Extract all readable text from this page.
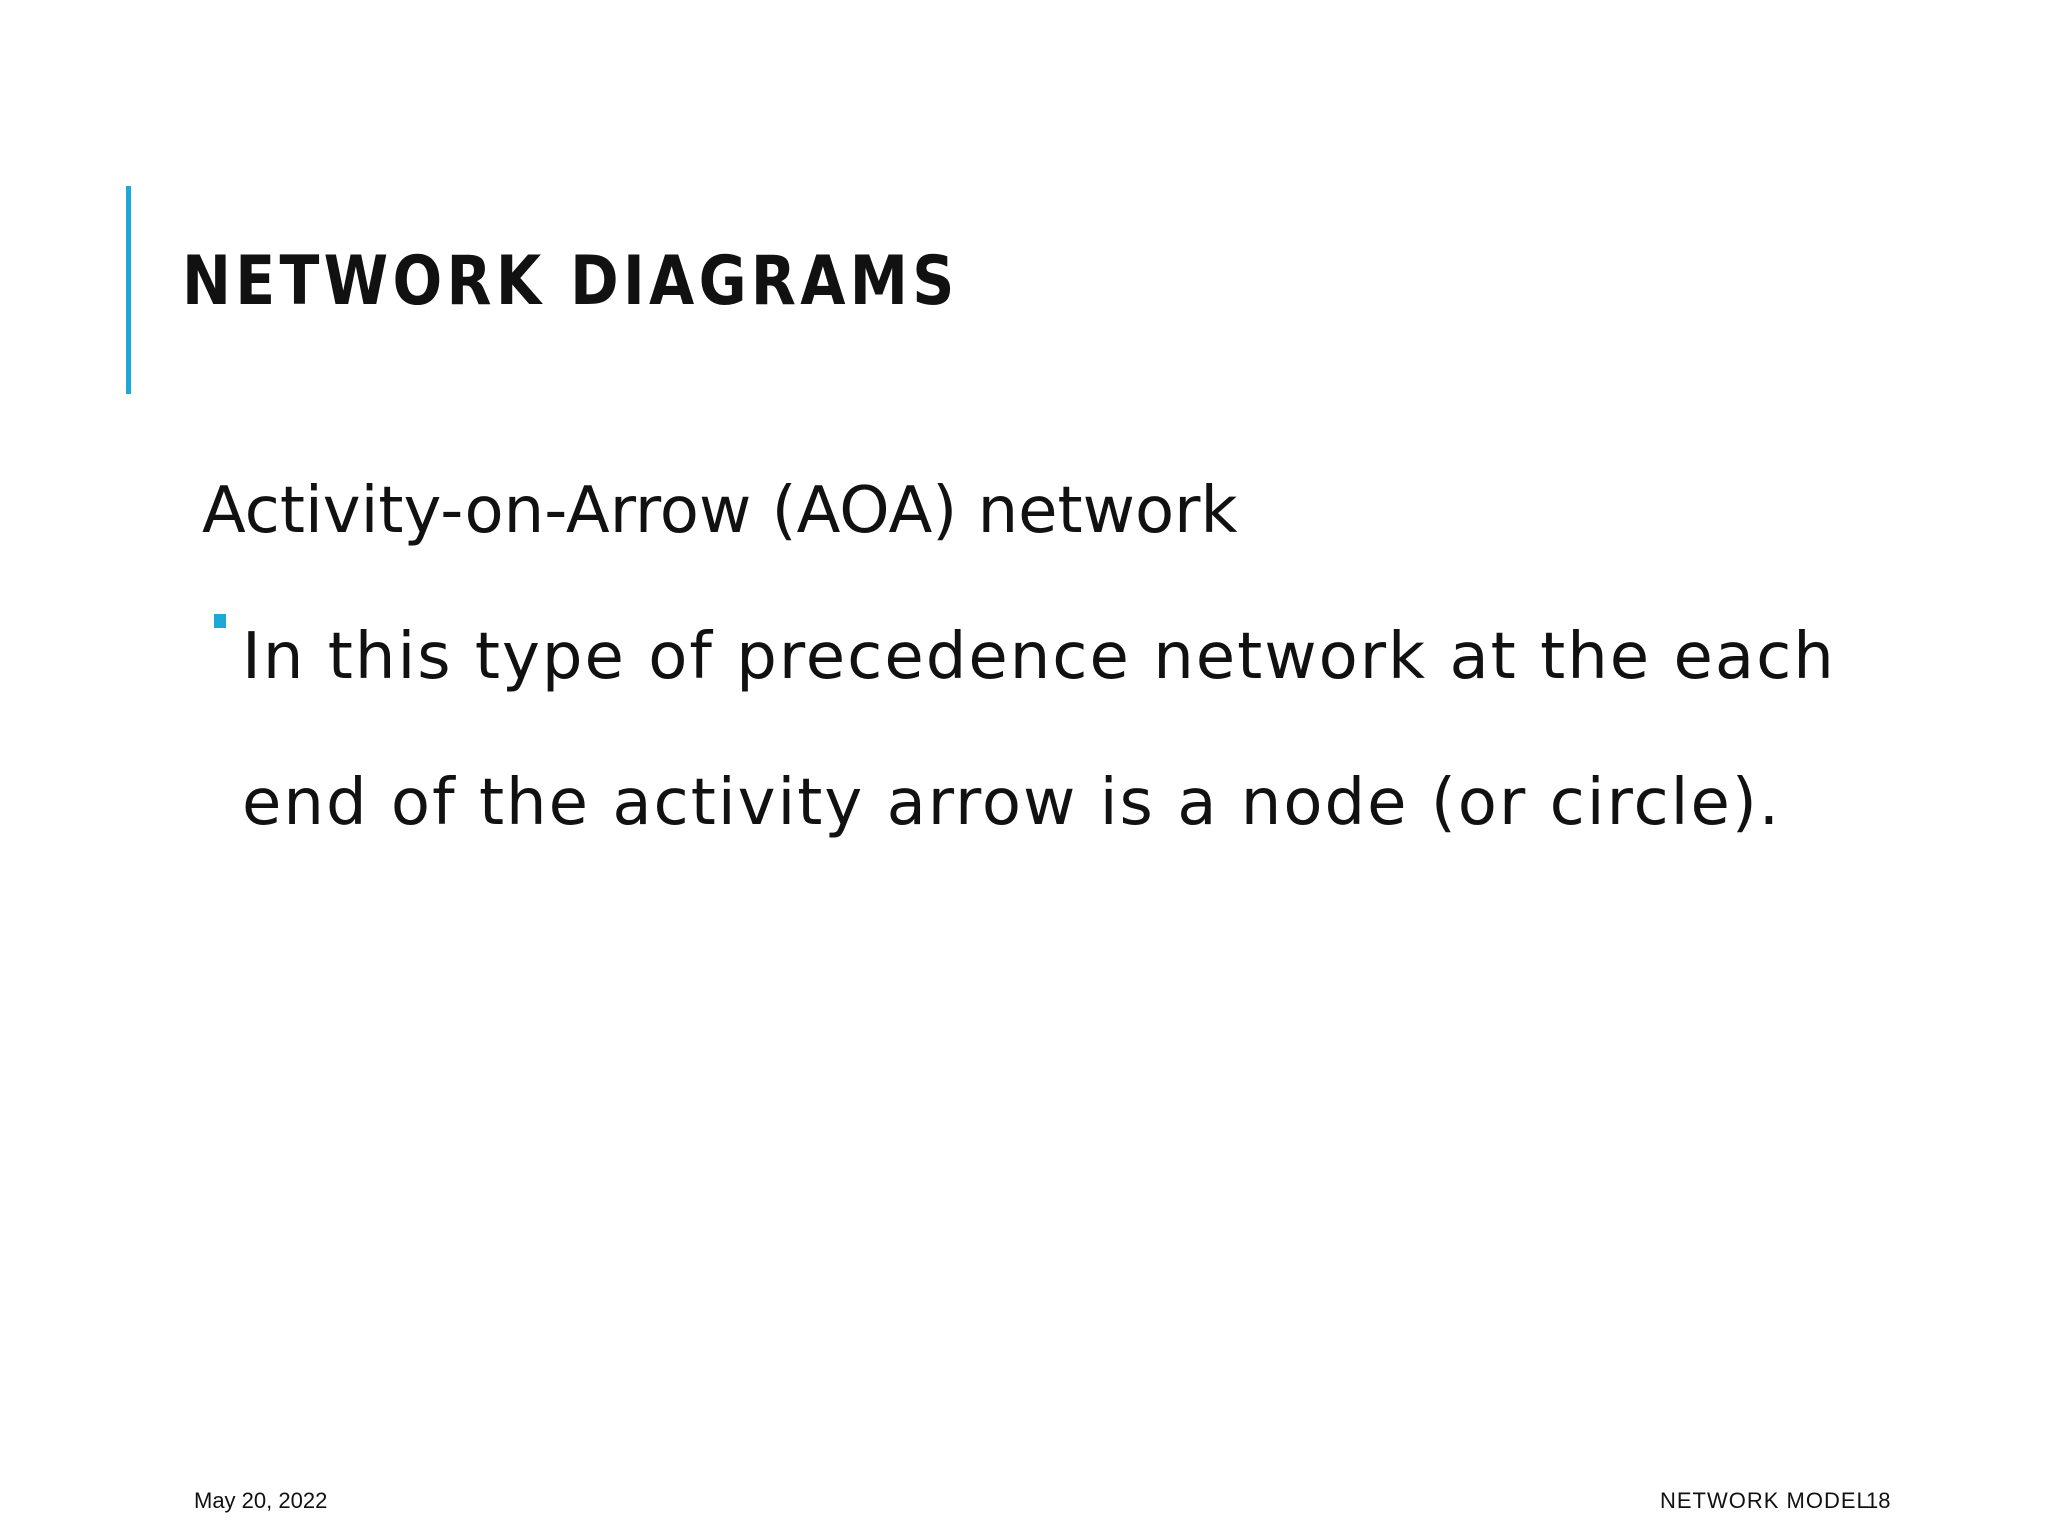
NETWORK DIAGRAMS

Activity-on-Arrow (AOA) network

In this type of precedence network at the each end of the activity arrow is a node (or circle).

May 20, 2022	NETWORK MODEL
18
